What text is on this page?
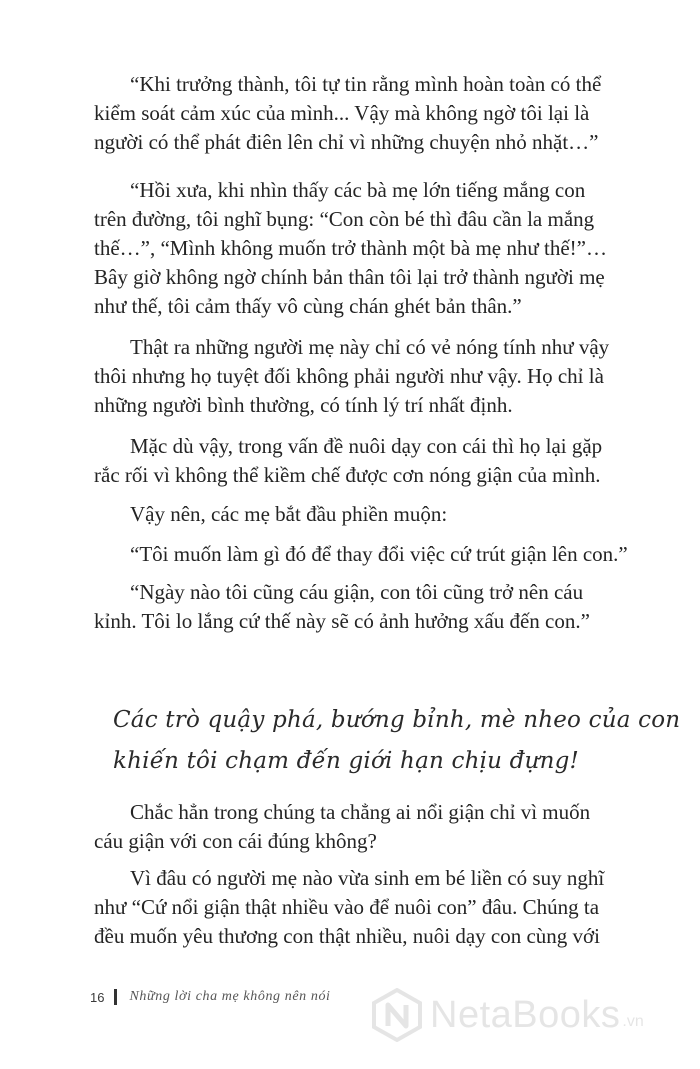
“Khi trưởng thành, tôi tự tin rằng mình hoàn toàn có thể
kiểm soát cảm xúc của mình... Vậy mà không ngờ tôi lại là
người có thể phát điên lên chỉ vì những chuyện nhỏ nhặt…”
“Hồi xưa, khi nhìn thấy các bà mẹ lớn tiếng mắng con
trên đường, tôi nghĩ bụng: “Con còn bé thì đâu cần la mắng
thế…”, “Mình không muốn trở thành một bà mẹ như thế!”…
Bây giờ không ngờ chính bản thân tôi lại trở thành người mẹ
như thế, tôi cảm thấy vô cùng chán ghét bản thân.”
Thật ra những người mẹ này chỉ có vẻ nóng tính như vậy
thôi nhưng họ tuyệt đối không phải người như vậy. Họ chỉ là
những người bình thường, có tính lý trí nhất định.
Mặc dù vậy, trong vấn đề nuôi dạy con cái thì họ lại gặp
rắc rối vì không thể kiềm chế được cơn nóng giận của mình.
Vậy nên, các mẹ bắt đầu phiền muộn:
“Tôi muốn làm gì đó để thay đổi việc cứ trút giận lên con.”
“Ngày nào tôi cũng cáu giận, con tôi cũng trở nên cáu
kỉnh. Tôi lo lắng cứ thế này sẽ có ảnh hưởng xấu đến con.”
Các trò quậy phá, bướng bỉnh, mè nheo của con
khiến tôi chạm đến giới hạn chịu đựng!
Chắc hẳn trong chúng ta chẳng ai nổi giận chỉ vì muốn
cáu giận với con cái đúng không?
Vì đâu có người mẹ nào vừa sinh em bé liền có suy nghĩ
như “Cứ nổi giận thật nhiều vào để nuôi con” đâu. Chúng ta
đều muốn yêu thương con thật nhiều, nuôi dạy con cùng với
16 Những lời cha mẹ không nên nói	NetaBooks .vn
